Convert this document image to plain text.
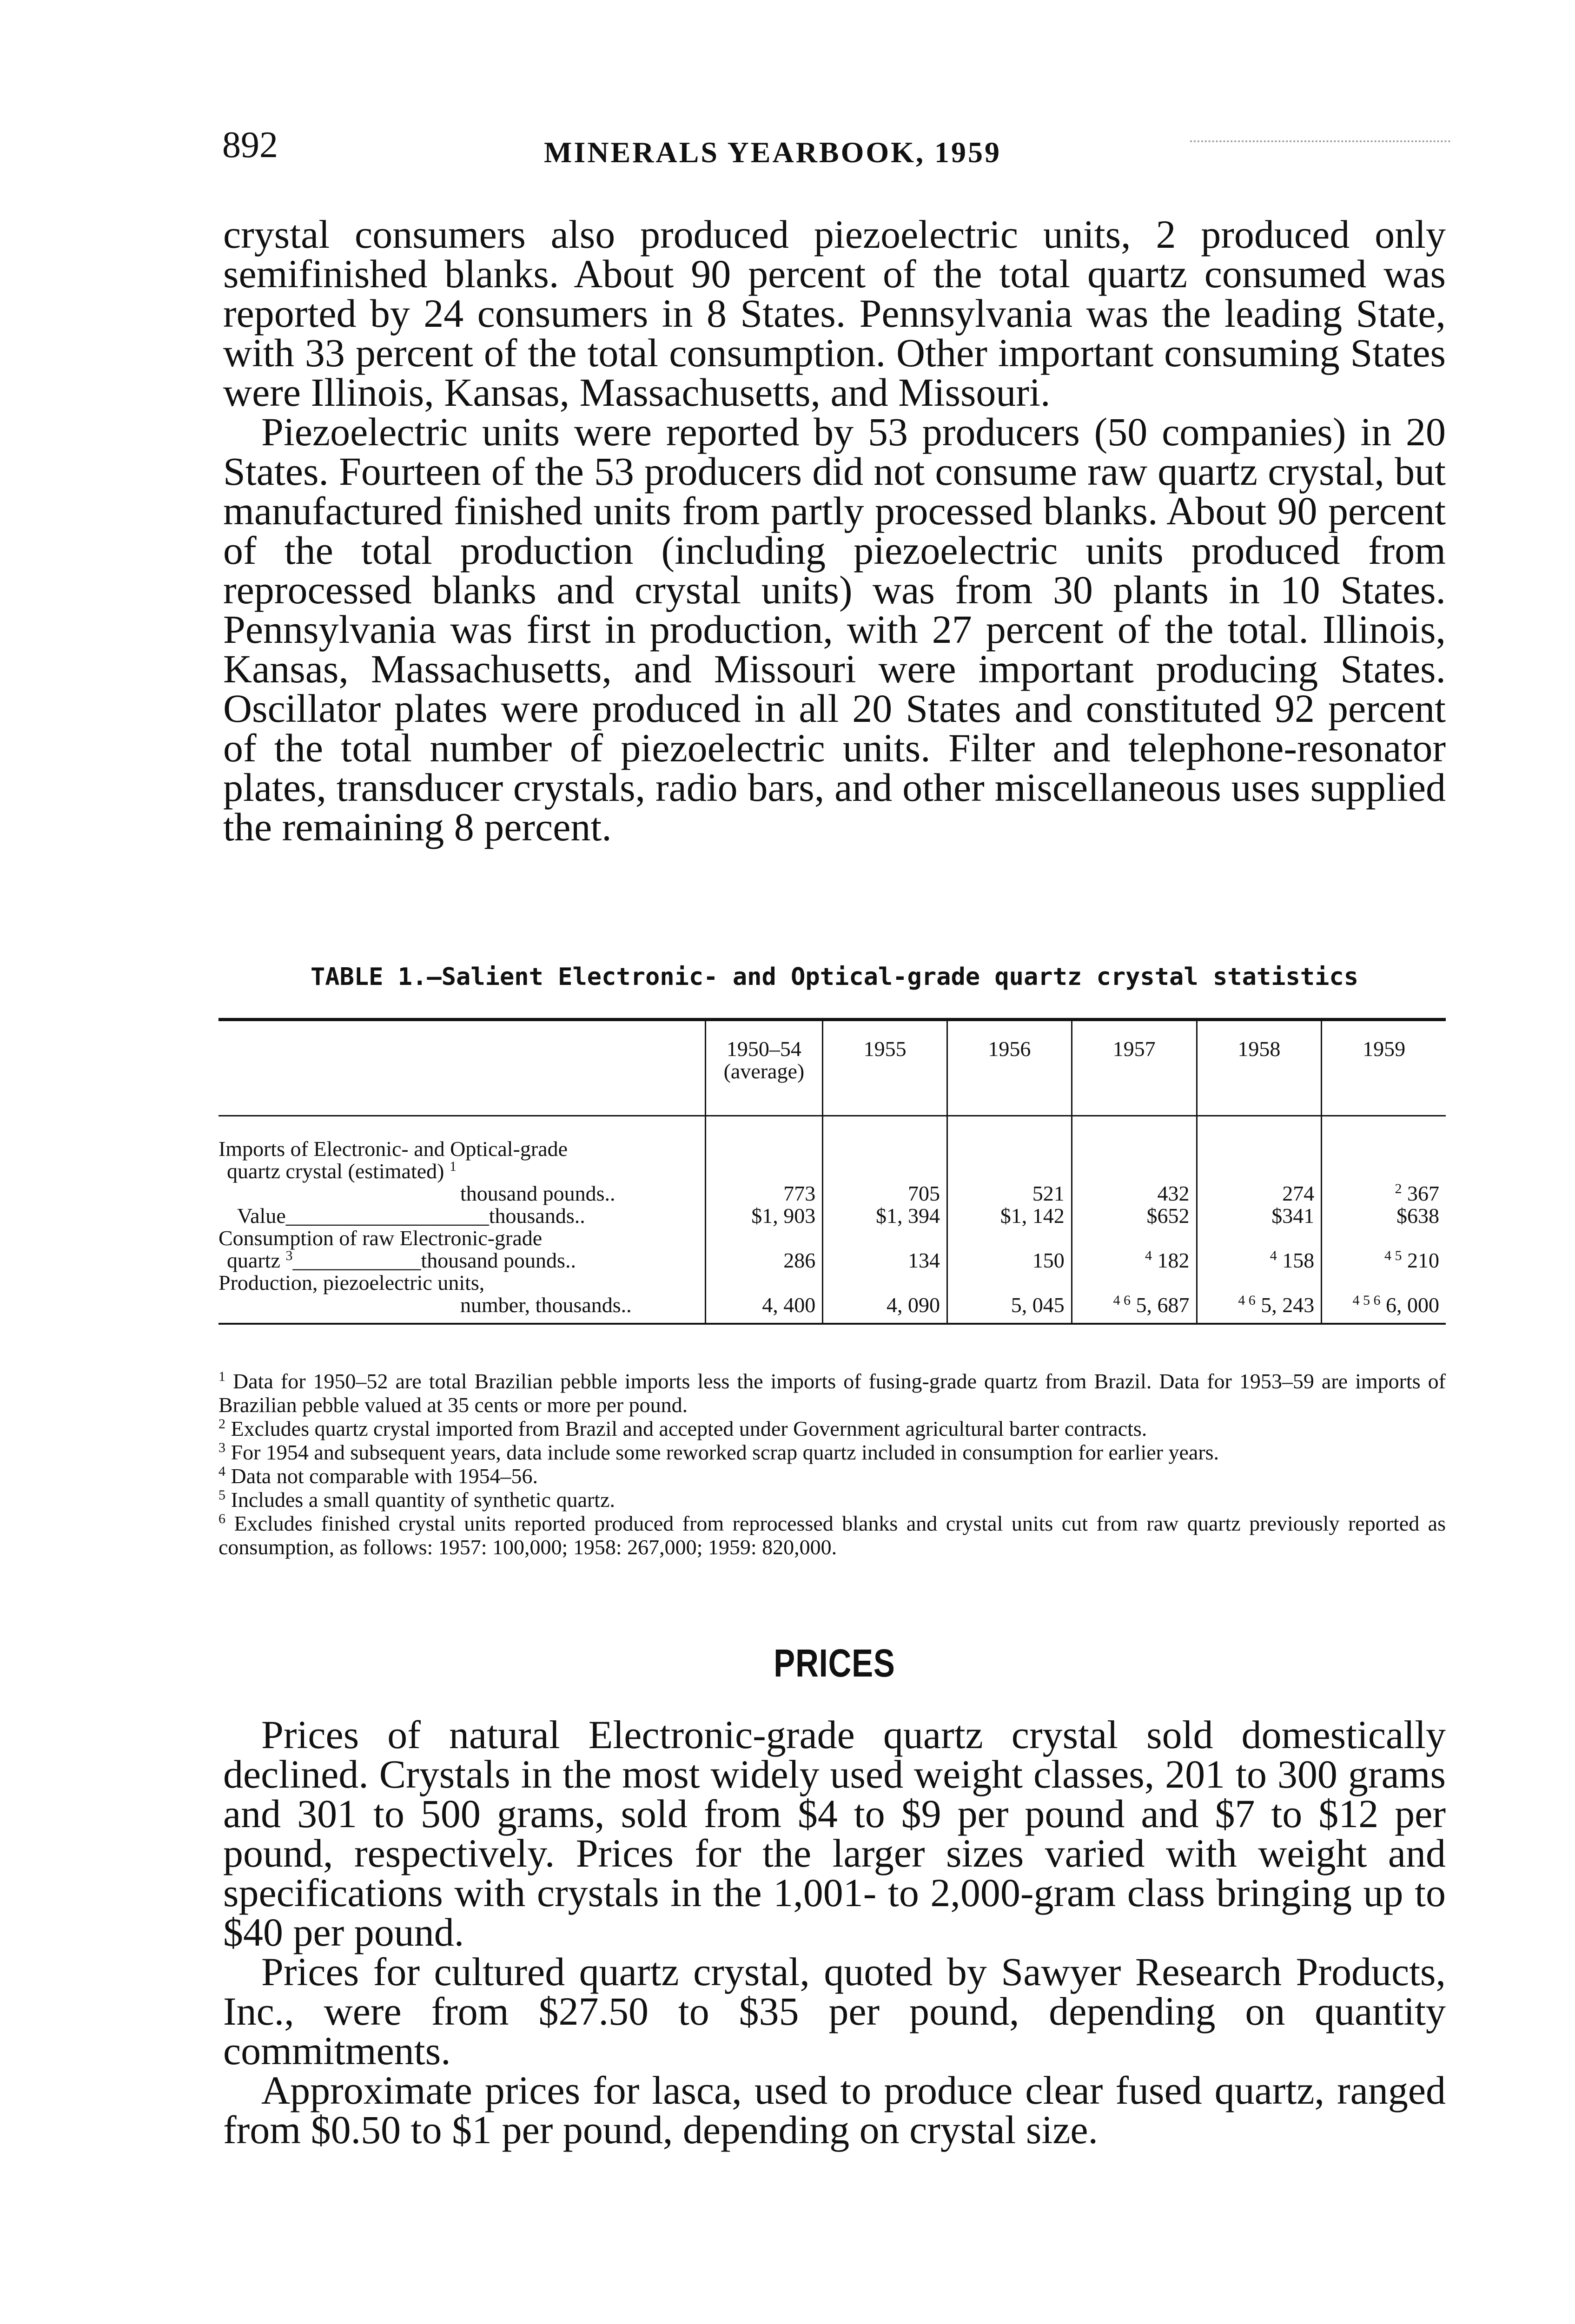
892	MINERALS YEARBOOK, 1959

crystal consumers also produced piezoelectric units, 2 produced only semifinished blanks. About 90 percent of the total quartz consumed was reported by 24 consumers in 8 States. Pennsylvania was the leading State, with 33 percent of the total consumption. Other important consuming States were Illinois, Kansas, Massachusetts, and Missouri.

Piezoelectric units were reported by 53 producers (50 companies) in 20 States. Fourteen of the 53 producers did not consume raw quartz crystal, but manufactured finished units from partly processed blanks. About 90 percent of the total production (including piezoelectric units produced from reprocessed blanks and crystal units) was from 30 plants in 10 States. Pennsylvania was first in production, with 27 percent of the total. Illinois, Kansas, Massachusetts, and Missouri were important producing States. Oscillator plates were produced in all 20 States and constituted 92 percent of the total number of piezoelectric units. Filter and telephone-resonator plates, transducer crystals, radio bars, and other miscellaneous uses supplied the remaining 8 percent.

TABLE 1.—Salient Electronic- and Optical-grade quartz crystal statistics
	1950–54 (average)	1955	1956	1957	1958	1959

Imports of Electronic- and Optical-grade
quartz crystal (estimated) $^1$
thousand pounds..	773	705	521	432	274	$^2$ 367

Value___________________thousands..	$1, 903	$1, 394	$1, 142	$652	$341	$638

Consumption of raw Electronic-grade
quartz $^3$____________thousand pounds..	286	134	150	$^4$ 182	$^4$ 158	$^{4 5}$ 210

Production, piezoelectric units,
number, thousands..	4, 400	4, 090	5, 045	$^{4 6}$ 5, 687	$^{4 6}$ 5, 243	$^{4 5 6}$ 6, 000

$^1$ Data for 1950–52 are total Brazilian pebble imports less the imports of fusing-grade quartz from Brazil. Data for 1953–59 are imports of Brazilian pebble valued at 35 cents or more per pound.

$^2$ Excludes quartz crystal imported from Brazil and accepted under Government agricultural barter contracts.

$^3$ For 1954 and subsequent years, data include some reworked scrap quartz included in consumption for earlier years.

$^4$ Data not comparable with 1954–56.

$^5$ Includes a small quantity of synthetic quartz.

$^6$ Excludes finished crystal units reported produced from reprocessed blanks and crystal units cut from raw quartz previously reported as consumption, as follows: 1957: 100,000; 1958: 267,000; 1959: 820,000.

PRICES

Prices of natural Electronic-grade quartz crystal sold domestically declined. Crystals in the most widely used weight classes, 201 to 300 grams and 301 to 500 grams, sold from $4 to $9 per pound and $7 to $12 per pound, respectively. Prices for the larger sizes varied with weight and specifications with crystals in the 1,001- to 2,000-gram class bringing up to $40 per pound.

Prices for cultured quartz crystal, quoted by Sawyer Research Products, Inc., were from $27.50 to $35 per pound, depending on quantity commitments.

Approximate prices for lasca, used to produce clear fused quartz, ranged from $0.50 to $1 per pound, depending on crystal size.
